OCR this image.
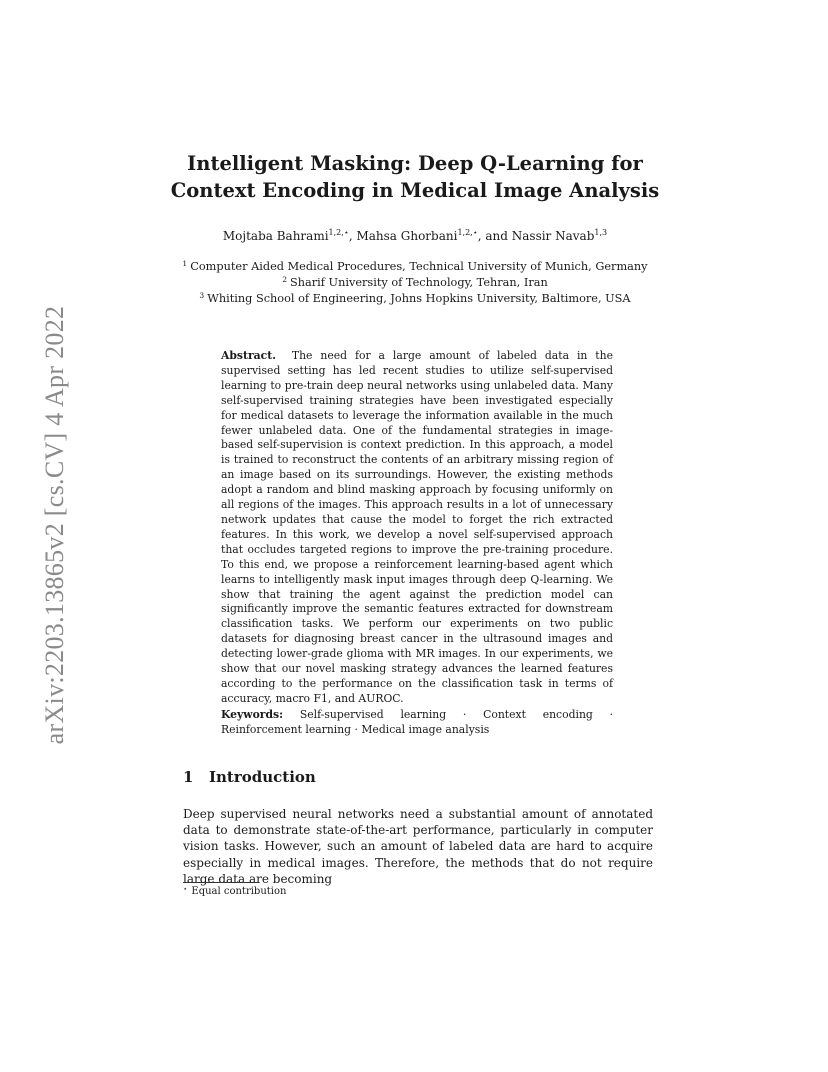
arXiv:2203.13865v2 [cs.CV] 4 Apr 2022
Intelligent Masking: Deep Q-Learning for
Context Encoding in Medical Image Analysis
Mojtaba Bahrami$^{1,2,⋆}$, Mahsa Ghorbani$^{1,2,⋆}$, and Nassir Navab$^{1,3}$
$^1$ Computer Aided Medical Procedures, Technical University of Munich, Germany
$^2$ Sharif University of Technology, Tehran, Iran
$^3$ Whiting School of Engineering, Johns Hopkins University, Baltimore, USA
Abstract. The need for a large amount of labeled data in the supervised setting has led recent studies to utilize self-supervised learning to pre-train deep neural networks using unlabeled data. Many self-supervised training strategies have been investigated especially for medical datasets to leverage the information available in the much fewer unlabeled data. One of the fundamental strategies in image-based self-supervision is context prediction. In this approach, a model is trained to reconstruct the contents of an arbitrary missing region of an image based on its surroundings. However, the existing methods adopt a random and blind masking approach by focusing uniformly on all regions of the images. This approach results in a lot of unnecessary network updates that cause the model to forget the rich extracted features. In this work, we develop a novel self-supervised approach that occludes targeted regions to improve the pre-training procedure. To this end, we propose a reinforcement learning-based agent which learns to intelligently mask input images through deep Q-learning. We show that training the agent against the prediction model can significantly improve the semantic features extracted for downstream classification tasks. We perform our experiments on two public datasets for diagnosing breast cancer in the ultrasound images and detecting lower-grade glioma with MR images. In our experiments, we show that our novel masking strategy advances the learned features according to the performance on the classification task in terms of accuracy, macro F1, and AUROC.
Keywords: Self-supervised learning · Context encoding · Reinforcement learning · Medical image analysis
1 Introduction
Deep supervised neural networks need a substantial amount of annotated data to demonstrate state-of-the-art performance, particularly in computer vision tasks. However, such an amount of labeled data are hard to acquire especially in medical images. Therefore, the methods that do not require large data are becoming
⋆ Equal contribution
